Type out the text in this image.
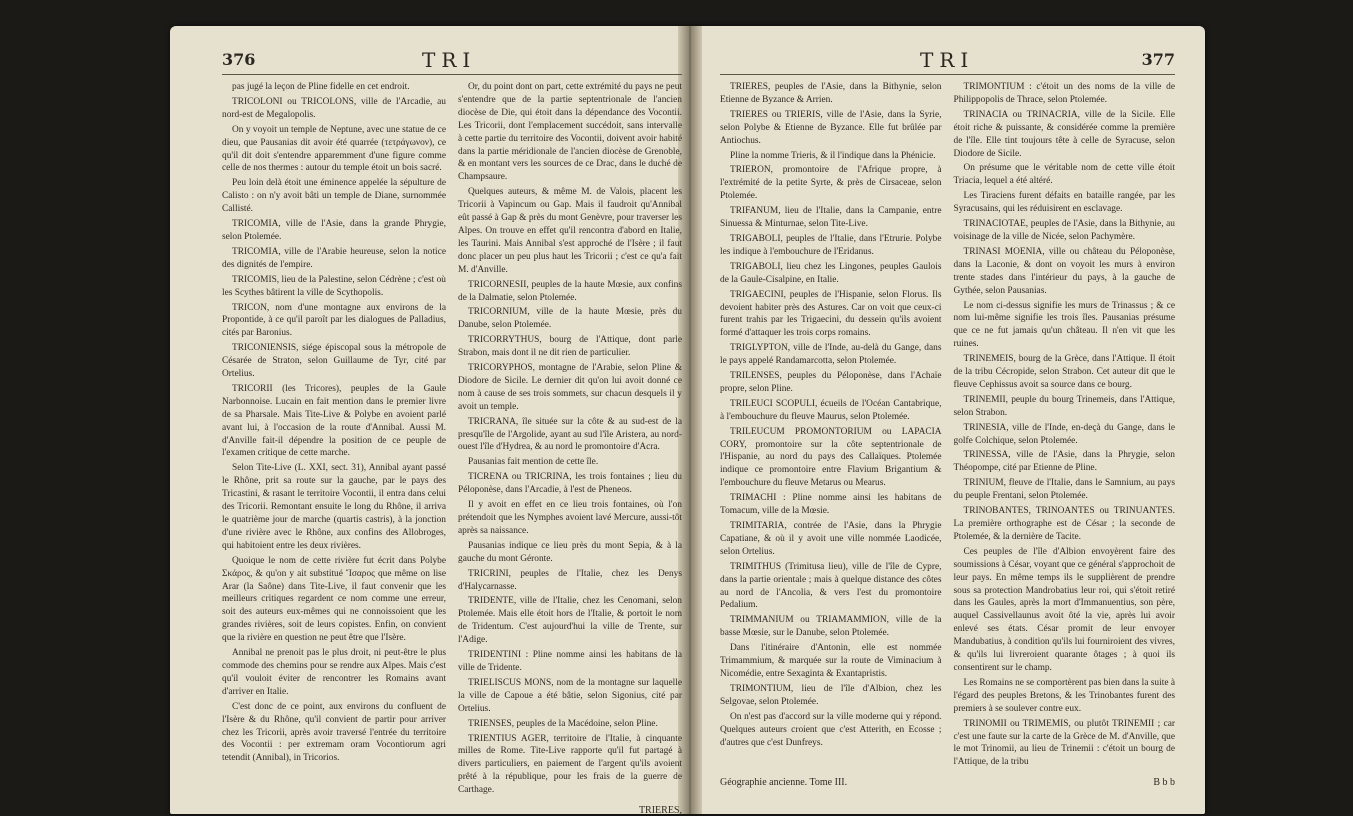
376	TRI

pas jugé la leçon de Pline fidelle en cet endroit.

TRICOLONI ou TRICOLONS, ville de l'Arcadie, au nord-est de Megalopolis.

On y voyoit un temple de Neptune, avec une statue de ce dieu, que Pausanias dit avoir été quarrée (τετράγωνον), ce qu'il dit doit s'entendre apparemment d'une figure comme celle de nos thermes : autour du temple étoit un bois sacré.

Peu loin delà étoit une éminence appelée la sépulture de Calisto : on n'y avoit bâti un temple de Diane, surnommée Callisté.

TRICOMIA, ville de l'Asie, dans la grande Phrygie, selon Ptolemée.

TRICOMIA, ville de l'Arabie heureuse, selon la notice des dignités de l'empire.

TRICOMIS, lieu de la Palestine, selon Cédrène ; c'est où les Scythes bâtirent la ville de Scythopolis.

TRICON, nom d'une montagne aux environs de la Propontide, à ce qu'il paroît par les dialogues de Palladius, cités par Baronius.

TRICONIENSIS, siége épiscopal sous la métropole de Césarée de Straton, selon Guillaume de Tyr, cité par Ortelius.

TRICORII (les Tricores), peuples de la Gaule Narbonnoise. Lucain en fait mention dans le premier livre de sa Pharsale. Mais Tite-Live & Polybe en avoient parlé avant lui, à l'occasion de la route d'Annibal. Aussi M. d'Anville fait-il dépendre la position de ce peuple de l'examen critique de cette marche.

Selon Tite-Live (L. XXI, sect. 31), Annibal ayant passé le Rhône, prit sa route sur la gauche, par le pays des Tricastini, & rasant le territoire Vocontii, il entra dans celui des Tricorii. Remontant ensuite le long du Rhône, il arriva le quatrième jour de marche (quartis castris), à la jonction d'une rivière avec le Rhône, aux confins des Allobroges, qui habitoient entre les deux rivières.

Quoique le nom de cette rivière fut écrit dans Polybe Σκάρος, & qu'on y ait substitué Ἴσαρος que même on lise Arar (la Saône) dans Tite-Live, il faut convenir que les meilleurs critiques regardent ce nom comme une erreur, soit des auteurs eux-mêmes qui ne connoissoient que les grandes rivières, soit de leurs copistes. Enfin, on convient que la rivière en question ne peut être que l'Isère.

Annibal ne prenoit pas le plus droit, ni peut-être le plus commode des chemins pour se rendre aux Alpes. Mais c'est qu'il vouloit éviter de rencontrer les Romains avant d'arriver en Italie.

C'est donc de ce point, aux environs du confluent de l'Isère & du Rhône, qu'il convient de partir pour arriver chez les Tricorii, après avoir traversé l'entrée du territoire des Vocontii : per extremam oram Vocontiorum agri tetendit (Annibal), in Tricorios.

Or, du point dont on part, cette extrémité du pays ne peut s'entendre que de la partie septentrionale de l'ancien diocèse de Die, qui étoit dans la dépendance des Vocontii. Les Tricorii, dont l'emplacement succédoit, sans intervalle à cette partie du territoire des Vocontii, doivent avoir habité dans la partie méridionale de l'ancien diocèse de Grenoble, & en montant vers les sources de ce Drac, dans le duché de Champsaure.

Quelques auteurs, & même M. de Valois, placent les Tricorii à Vapincum ou Gap. Mais il faudroit qu'Annibal eût passé à Gap & près du mont Genèvre, pour traverser les Alpes. On trouve en effet qu'il rencontra d'abord en Italie, les Taurini. Mais Annibal s'est approché de l'Isère ; il faut donc placer un peu plus haut les Tricorii ; c'est ce qu'a fait M. d'Anville.

TRICORNESII, peuples de la haute Mœsie, aux confins de la Dalmatie, selon Ptolemée.

TRICORNIUM, ville de la haute Mœsie, près du Danube, selon Ptolemée.

TRICORRYTHUS, bourg de l'Attique, dont parle Strabon, mais dont il ne dit rien de particulier.

TRICORYPHOS, montagne de l'Arabie, selon Pline & Diodore de Sicile. Le dernier dit qu'on lui avoit donné ce nom à cause de ses trois sommets, sur chacun desquels il y avoit un temple.

TRICRANA, île située sur la côte & au sud-est de la presqu'île de l'Argolide, ayant au sud l'île Aristera, au nord-ouest l'île d'Hydrea, & au nord le promontoire d'Acra.

Pausanias fait mention de cette île.

TICRENA ou TRICRINA, les trois fontaines ; lieu du Péloponèse, dans l'Arcadie, à l'est de Pheneos.

Il y avoit en effet en ce lieu trois fontaines, où l'on prétendoit que les Nymphes avoient lavé Mercure, aussi-tôt après sa naissance.

Pausanias indique ce lieu près du mont Sepia, & à la gauche du mont Géronte.

TRICRINI, peuples de l'Italie, chez les Denys d'Halycarnasse.

TRIDENTE, ville de l'Italie, chez les Cenomani, selon Ptolemée. Mais elle étoit hors de l'Italie, & portoit le nom de Tridentum. C'est aujourd'hui la ville de Trente, sur l'Adige.

TRIDENTINI : Pline nomme ainsi les habitans de la ville de Tridente.

TRIELISCUS MONS, nom de la montagne sur laquelle la ville de Capoue a été bâtie, selon Sigonius, cité par Ortelius.

TRIENSES, peuples de la Macédoine, selon Pline.

TRIENTIUS AGER, territoire de l'Italie, à cinquante milles de Rome. Tite-Live rapporte qu'il fut partagé à divers particuliers, en paiement de l'argent qu'ils avoient prêté à la république, pour les frais de la guerre de Carthage.

TRIERES,
TRI	377

TRIERES, peuples de l'Asie, dans la Bithynie, selon Etienne de Byzance & Arrien.

TRIERES ou TRIERIS, ville de l'Asie, dans la Syrie, selon Polybe & Etienne de Byzance. Elle fut brûlée par Antiochus.

Pline la nomme Trieris, & il l'indique dans la Phénicie.

TRIERON, promontoire de l'Afrique propre, à l'extrémité de la petite Syrte, & près de Cirsaceae, selon Ptolemée.

TRIFANUM, lieu de l'Italie, dans la Campanie, entre Sinuessa & Minturnae, selon Tite-Live.

TRIGABOLI, peuples de l'Italie, dans l'Etrurie. Polybe les indique à l'embouchure de l'Eridanus.

TRIGABOLI, lieu chez les Lingones, peuples Gaulois de la Gaule-Cisalpine, en Italie.

TRIGAECINI, peuples de l'Hispanie, selon Florus. Ils devoient habiter près des Astures. Car on voit que ceux-ci furent trahis par les Trigaecini, du dessein qu'ils avoient formé d'attaquer les trois corps romains.

TRIGLYPTON, ville de l'Inde, au-delà du Gange, dans le pays appelé Randamarcotta, selon Ptolemée.

TRILENSES, peuples du Péloponèse, dans l'Achaïe propre, selon Pline.

TRILEUCI SCOPULI, écueils de l'Océan Cantabrique, à l'embouchure du fleuve Maurus, selon Ptolemée.

TRILEUCUM PROMONTORIUM ou LAPACIA CORY, promontoire sur la côte septentrionale de l'Hispanie, au nord du pays des Callaïques. Ptolemée indique ce promontoire entre Flavium Brigantium & l'embouchure du fleuve Metarus ou Mearus.

TRIMACHI : Pline nomme ainsi les habitans de Tomacum, ville de la Mœsie.

TRIMITARIA, contrée de l'Asie, dans la Phrygie Capatiane, & où il y avoit une ville nommée Laodicée, selon Ortelius.

TRIMITHUS (Trimitusa lieu), ville de l'île de Cypre, dans la partie orientale ; mais à quelque distance des côtes au nord de l'Ancolia, & vers l'est du promontoire Pedalium.

TRIMMANIUM ou TRIAMAMMION, ville de la basse Mœsie, sur le Danube, selon Ptolemée.

Dans l'itinéraire d'Antonin, elle est nommée Trimammium, & marquée sur la route de Viminacium à Nicomédie, entre Sexaginta & Exantapristis.

TRIMONTIUM, lieu de l'île d'Albion, chez les Selgovae, selon Ptolemée.

On n'est pas d'accord sur la ville moderne qui y répond. Quelques auteurs croient que c'est Atterith, en Ecosse ; d'autres que c'est Dunfreys.

TRIMONTIUM : c'étoit un des noms de la ville de Philippopolis de Thrace, selon Ptolemée.

TRINACIA ou TRINACRIA, ville de la Sicile. Elle étoit riche & puissante, & considérée comme la première de l'île. Elle tint toujours tête à celle de Syracuse, selon Diodore de Sicile.

On présume que le véritable nom de cette ville étoit Triacia, lequel a été altéré.

Les Tiraciens furent défaits en bataille rangée, par les Syracusains, qui les réduisirent en esclavage.

TRINACIOTAE, peuples de l'Asie, dans la Bithynie, au voisinage de la ville de Nicée, selon Pachymère.

TRINASI MOENIA, ville ou château du Péloponèse, dans la Laconie, & dont on voyoit les murs à environ trente stades dans l'intérieur du pays, à la gauche de Gythée, selon Pausanias.

Le nom ci-dessus signifie les murs de Trinassus ; & ce nom lui-même signifie les trois îles. Pausanias présume que ce ne fut jamais qu'un château. Il n'en vit que les ruines.

TRINEMEIS, bourg de la Grèce, dans l'Attique. Il étoit de la tribu Cécropide, selon Strabon. Cet auteur dit que le fleuve Cephissus avoit sa source dans ce bourg.

TRINEMII, peuple du bourg Trinemeis, dans l'Attique, selon Strabon.

TRINESIA, ville de l'Inde, en-deçà du Gange, dans le golfe Colchique, selon Ptolemée.

TRINESSA, ville de l'Asie, dans la Phrygie, selon Théopompe, cité par Etienne de Pline.

TRINIUM, fleuve de l'Italie, dans le Samnium, au pays du peuple Frentani, selon Ptolemée.

TRINOBANTES, TRINOANTES ou TRINUANTES. La première orthographe est de César ; la seconde de Ptolemée, & la dernière de Tacite.

Ces peuples de l'île d'Albion envoyèrent faire des soumissions à César, voyant que ce général s'approchoit de leur pays. En même temps ils le supplièrent de prendre sous sa protection Mandrobatius leur roi, qui s'étoit retiré dans les Gaules, après la mort d'Immanuentius, son père, auquel Cassivellaunus avoit ôté la vie, après lui avoir enlevé ses états. César promit de leur envoyer Mandubatius, à condition qu'ils lui fourniroient des vivres, & qu'ils lui livreroient quarante ôtages ; à quoi ils consentirent sur le champ.

Les Romains ne se comportèrent pas bien dans la suite à l'égard des peuples Bretons, & les Trinobantes furent des premiers à se soulever contre eux.

TRINOMII ou TRIMEMIS, ou plutôt TRINEMII ; car c'est une faute sur la carte de la Grèce de M. d'Anville, que le mot Trinomii, au lieu de Trinemii : c'étoit un bourg de l'Attique, de la tribu

Géographie ancienne. Tome III.	B b b
